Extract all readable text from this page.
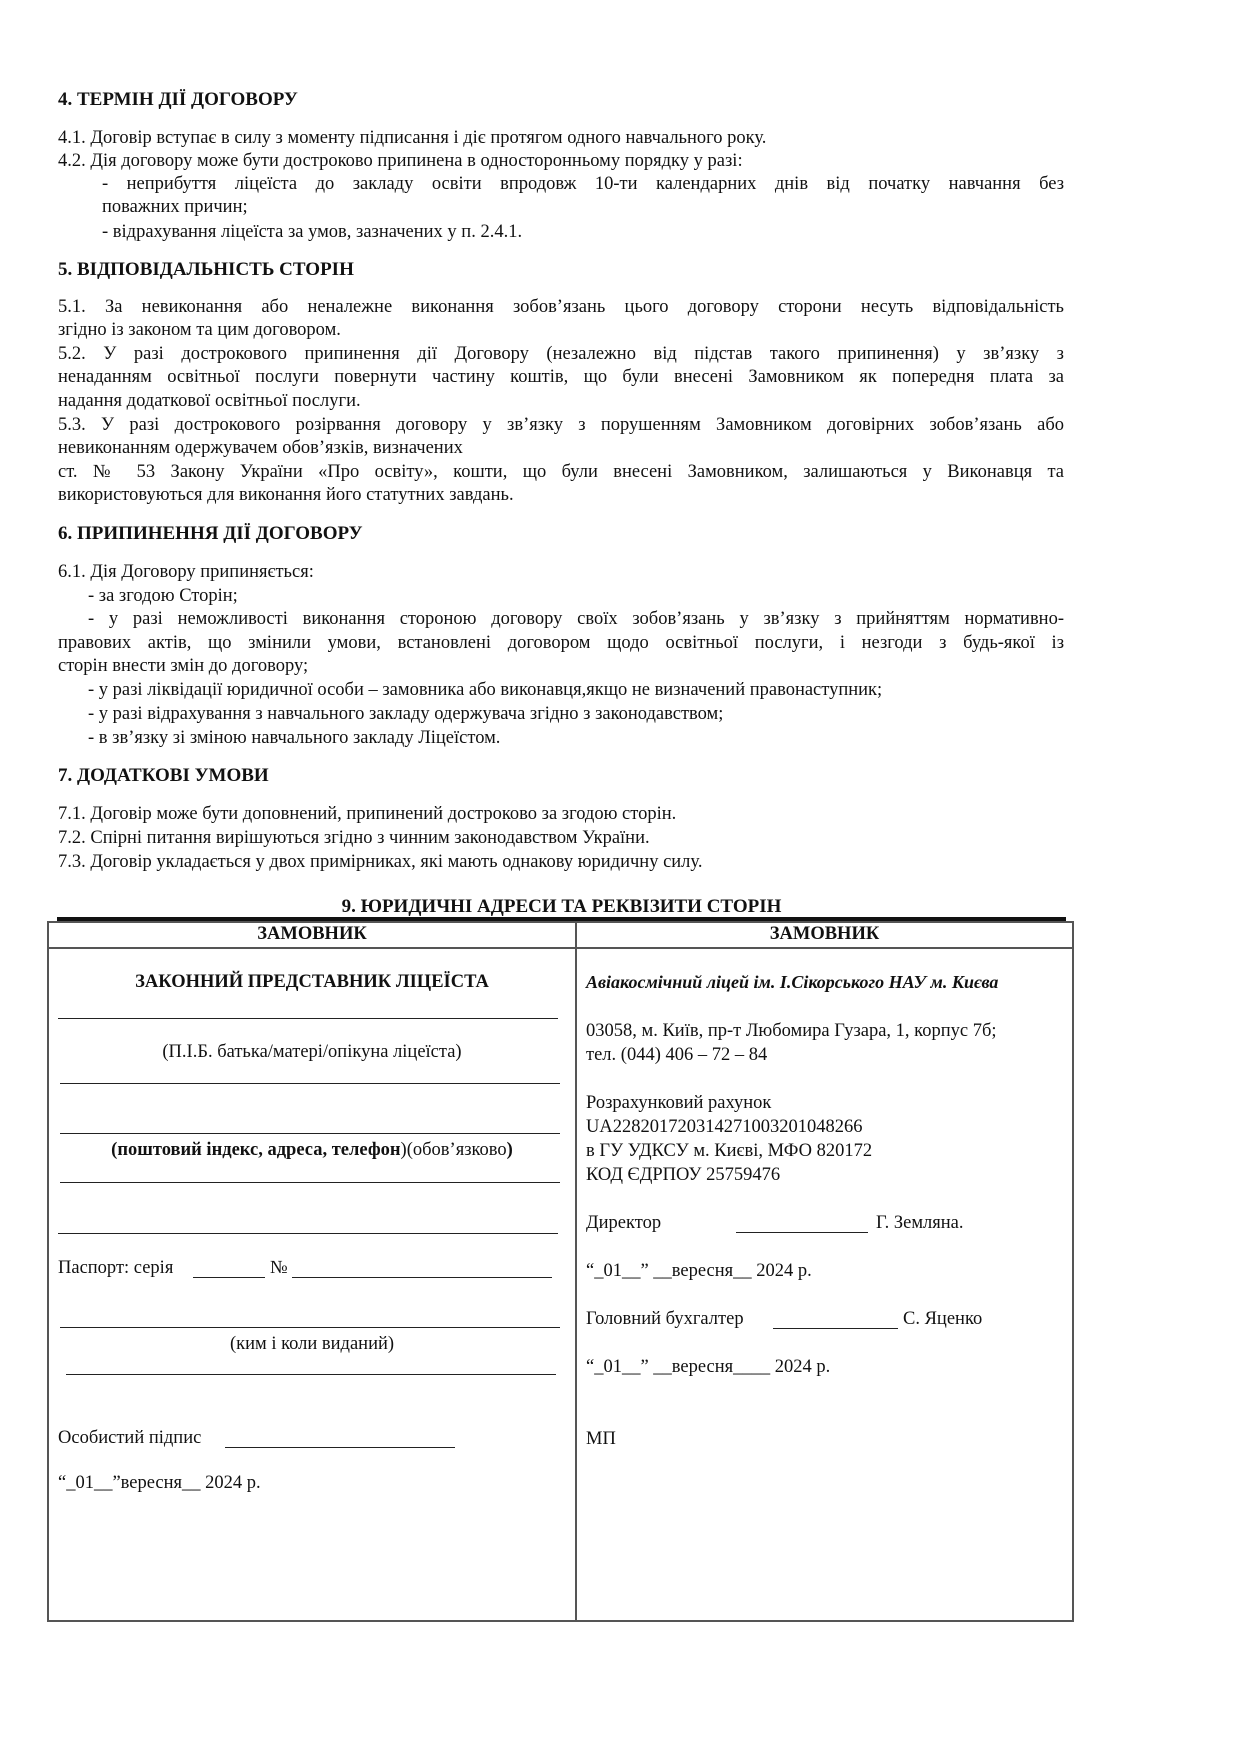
4. ТЕРМІН ДІЇ ДОГОВОРУ
4.1. Договір вступає в силу з моменту підписання і діє протягом одного навчального року.
4.2. Дія договору може бути достроково припинена в односторонньому порядку у разі:
- неприбуття ліцеїста до закладу освіти впродовж 10-ти календарних днів від початку навчання без
поважних причин;
- відрахування ліцеїста за умов, зазначених у п. 2.4.1.
5. ВІДПОВІДАЛЬНІСТЬ СТОРІН
5.1. За невиконання або неналежне виконання зобов’язань цього договору сторони несуть відповідальність
згідно із законом та цим договором.
5.2. У разі дострокового припинення дії Договору (незалежно від підстав такого припинення) у зв’язку з
ненаданням освітньої послуги повернути частину коштів, що були внесені Замовником як попередня плата за
надання додаткової освітньої послуги.
5.3. У разі дострокового розірвання договору у зв’язку з порушенням Замовником договірних зобов’язань або
невиконанням одержувачем обов’язків, визначених
ст. № 53 Закону України «Про освіту», кошти, що були внесені Замовником, залишаються у Виконавця та
використовуються для виконання його статутних завдань.
6. ПРИПИНЕННЯ ДІЇ ДОГОВОРУ
6.1. Дія Договору припиняється:
- за згодою Сторін;
- у разі неможливості виконання стороною договору своїх зобов’язань у зв’язку з прийняттям нормативно-
правових актів, що змінили умови, встановлені договором щодо освітньої послуги, і незгоди з будь-якої із
сторін внести змін до договору;
- у разі ліквідації юридичної особи – замовника або виконавця,якщо не визначений правонаступник;
- у разі відрахування з навчального закладу одержувача згідно з законодавством;
- в зв’язку зі зміною навчального закладу Ліцеїстом.
7. ДОДАТКОВІ УМОВИ
7.1. Договір може бути доповнений, припинений достроково за згодою сторін.
7.2. Спірні питання вирішуються згідно з чинним законодавством України.
7.3. Договір укладається у двох примірниках, які мають однакову юридичну силу.
9. ЮРИДИЧНІ АДРЕСИ ТА РЕКВІЗИТИ СТОРІН
ЗАМОВНИК
ЗАКОННИЙ ПРЕДСТАВНИК ЛІЦЕЇСТА
(П.І.Б. батька/матері/опікуна ліцеїста)
(поштовий індекс, адреса, телефон)(обов’язково)
Паспорт: серія	№
(ким і коли виданий)
Особистий підпис
“_01__”вересня__ 2024 р.
ЗАМОВНИК
Авіакосмічний ліцей ім. І.Сікорського НАУ м. Києва
03058, м. Київ, пр-т Любомира Гузара, 1, корпус 7б;
тел. (044) 406 – 72 – 84
Розрахунковий рахунок
UA228201720314271003201048266
в ГУ УДКСУ м. Києві, МФО 820172
КОД ЄДРПОУ 25759476
Директор	Г. Земляна.
“_01__” __вересня__ 2024 р.
Головний бухгалтер	С. Яценко
“_01__” __вересня____ 2024 р.
МП
